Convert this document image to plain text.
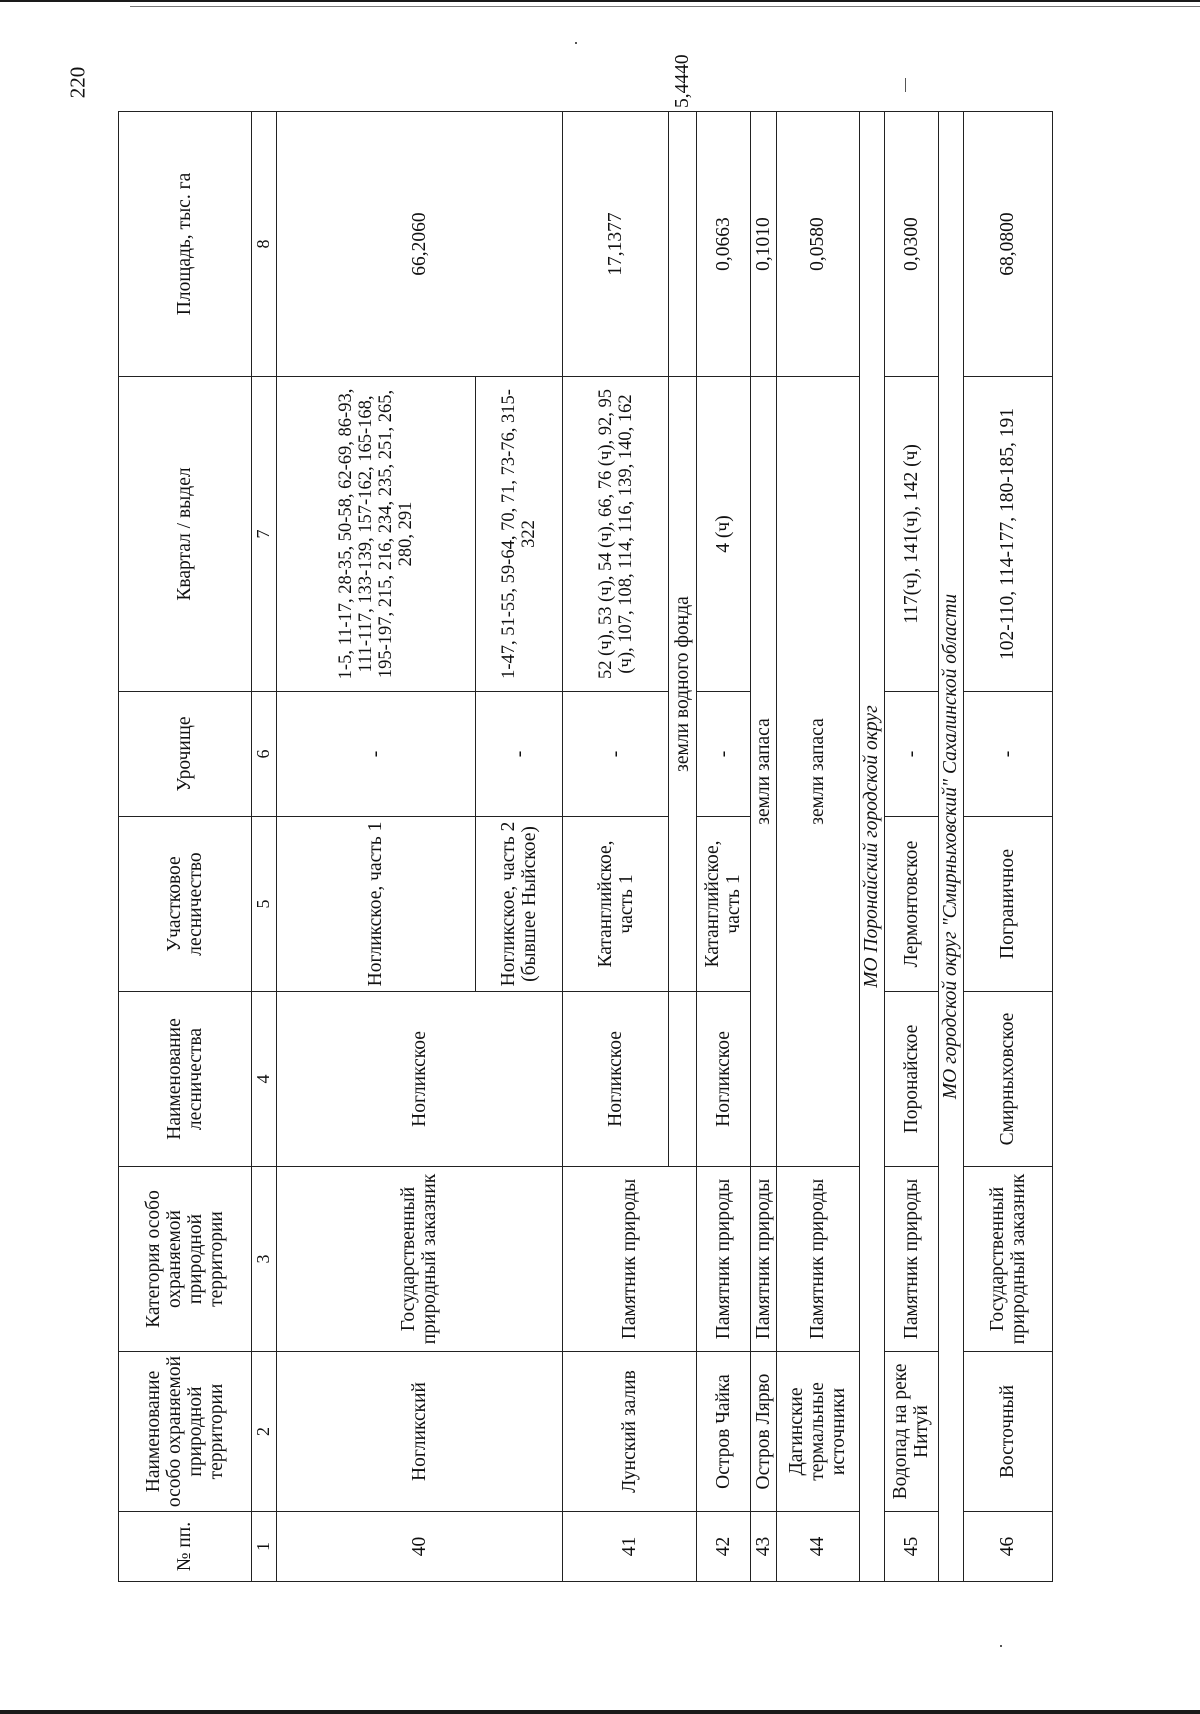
220
№ пп.	Наименование особо охраняемой природной территории	Категория особо охраняемой природной территории	Наименование лесничества	Участковое лесничество	Урочище	Квартал / выдел	Площадь, тыс. га	
1	2	3	4	5	6	7	8	
40	Ногликский	Государственный природный заказник	Ногликское	Ногликское, часть 1	-	1-5, 11-17, 28-35, 50-58, 62-69, 86-93, 111-117, 133-139, 157-162, 165-168, 195-197, 215, 216, 234, 235, 251, 265, 280, 291	66,2060	
				Ногликское, часть 2 (бывшее Ныйское)	-	1-47, 51-55, 59-64, 70, 71, 73-76, 315-322		
41	Лунский залив	Памятник природы	Ногликское	Катанглийское, часть 1	-	52 (ч), 53 (ч), 54 (ч), 66, 76 (ч), 92, 95 (ч), 107, 108, 114, 116, 139, 140, 162	17,1377	
				земли водного фонда				5,4440
42	Остров Чайка	Памятник природы	Ногликское	Катанглийское, часть 1	-	4 (ч)	0,0663	
43	Остров Лярво	Памятник природы	земли запаса				0,1010	
44	Дагинские термальные источники	Памятник природы	земли запаса				0,0580	
МО Поронайский городской округ								
45	Водопад на реке Нитуй	Памятник природы	Поронайское	Лермонтовское	-	117(ч), 141(ч), 142 (ч)	0,0300	
МО городской округ "Смирныховский" Сахалинской области								
46	Восточный	Государственный природный заказник	Смирныховское	Пограничное	-	102-110, 114-177, 180-185, 191	68,0800	
